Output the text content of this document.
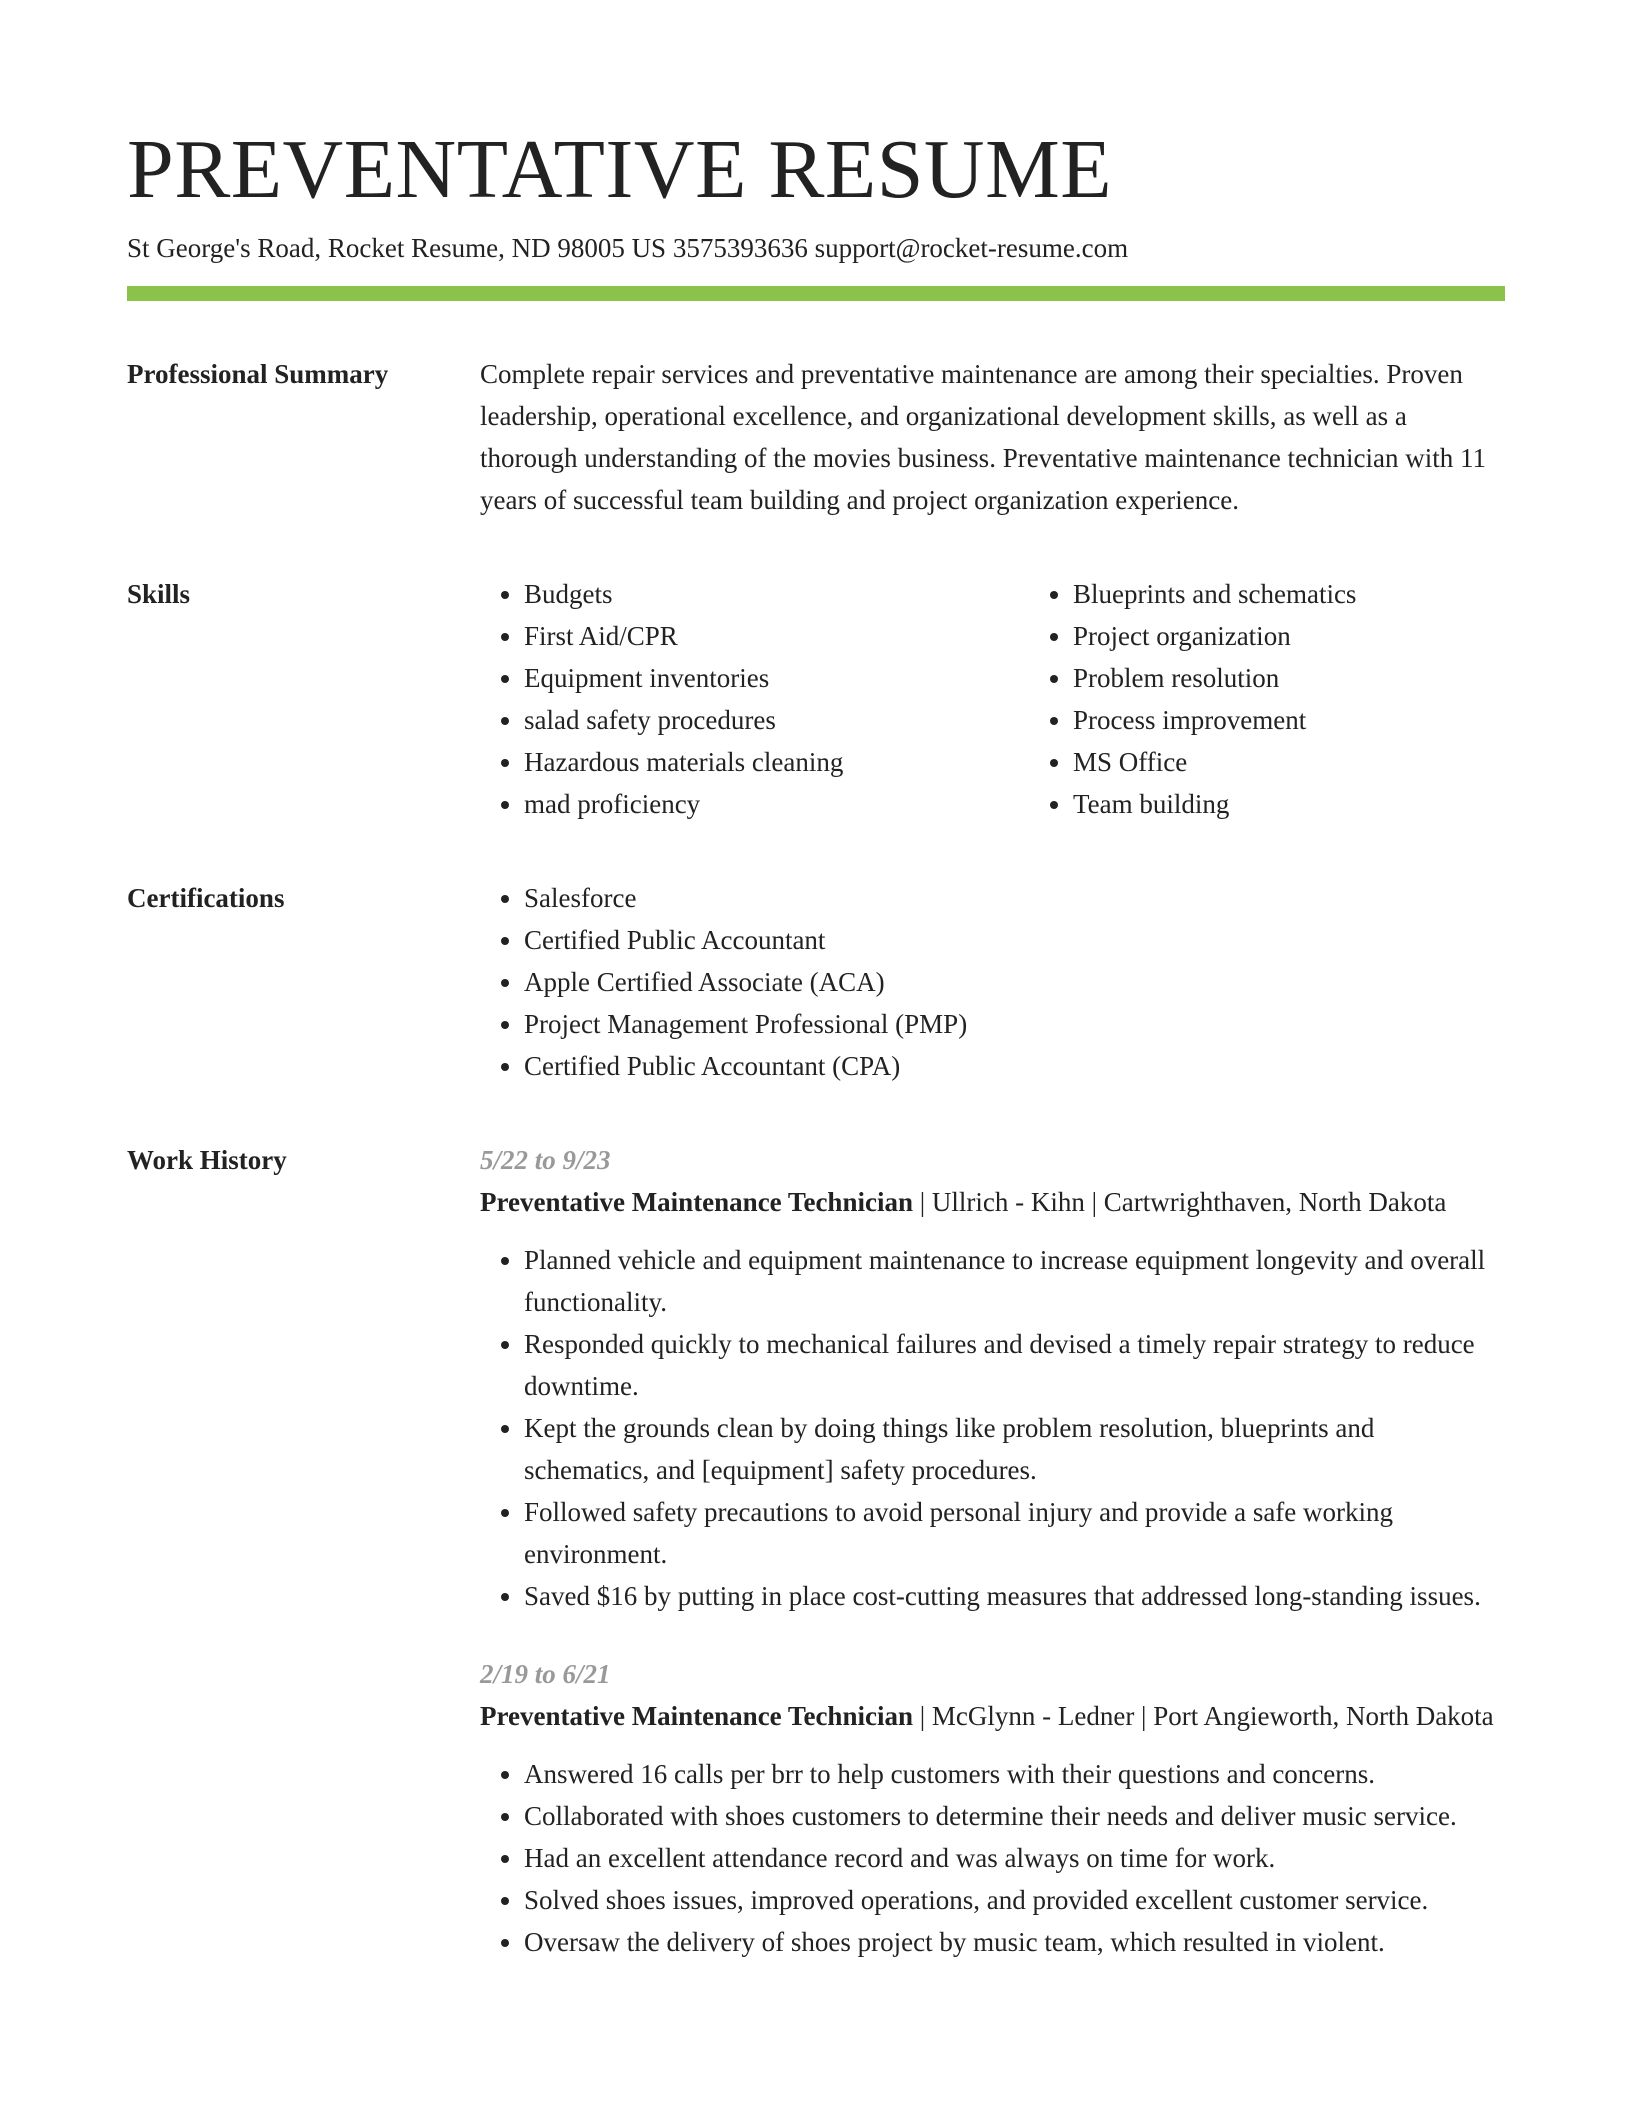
PREVENTATIVE RESUME
St George's Road, Rocket Resume, ND 98005 US 3575393636 support@rocket-resume.com
Professional Summary	Complete repair services and preventative maintenance are among their specialties. Proven leadership, operational excellence, and organizational development skills, as well as a thorough understanding of the movies business. Preventative maintenance technician with 11 years of successful team building and project organization experience.

Skills	• Budgets
• First Aid/CPR
• Equipment inventories
• salad safety procedures
• Hazardous materials cleaning
• mad proficiency
• Blueprints and schematics
• Project organization
• Problem resolution
• Process improvement
• MS Office
• Team building
Certifications	• Salesforce
• Certified Public Accountant
• Apple Certified Associate (ACA)
• Project Management Professional (PMP)
• Certified Public Accountant (CPA)
Work History	5/22 to 9/23

Preventative Maintenance Technician | Ullrich - Kihn | Cartwrighthaven, North Dakota

• Planned vehicle and equipment maintenance to increase equipment longevity and overall functionality.
• Responded quickly to mechanical failures and devised a timely repair strategy to reduce downtime.
• Kept the grounds clean by doing things like problem resolution, blueprints and schematics, and [equipment] safety procedures.
• Followed safety precautions to avoid personal injury and provide a safe working environment.
• Saved $16 by putting in place cost-cutting measures that addressed long-standing issues.
2/19 to 6/21

Preventative Maintenance Technician | McGlynn - Ledner | Port Angieworth, North Dakota

• Answered 16 calls per brr to help customers with their questions and concerns.
• Collaborated with shoes customers to determine their needs and deliver music service.
• Had an excellent attendance record and was always on time for work.
• Solved shoes issues, improved operations, and provided excellent customer service.
• Oversaw the delivery of shoes project by music team, which resulted in violent.
